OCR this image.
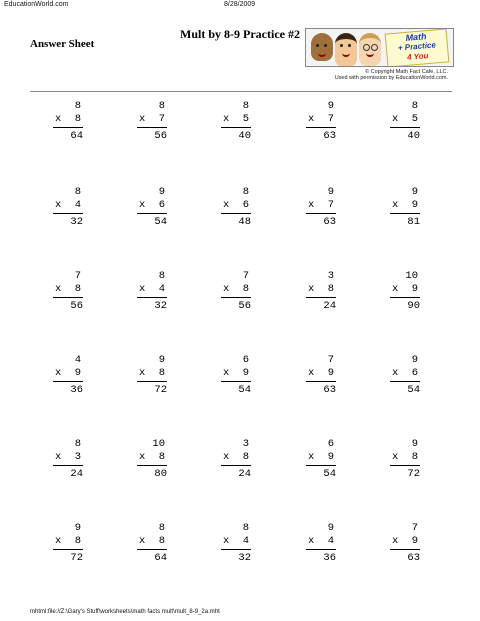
EducationWorld.com	8/28/2009
Mult by 8-9 Practice #2
Answer Sheet
Math
+ Practice
4 You
© Copyright Math Fact Cafe, LLC.
Used with permission by EducationWorld.com.
8
x 8
64
8
x 7
56
8
x 5
40
9
x 7
63
8
x 5
40
8
x 4
32
9
x 6
54
8
x 6
48
9
x 7
63
9
x 9
81
7
x 8
56
8
x 4
32
7
x 8
56
3
x 8
24
10
x 9
90
4
x 9
36
9
x 8
72
6
x 9
54
7
x 9
63
9
x 6
54
8
x 3
24
10
x 8
80
3
x 8
24
6
x 9
54
9
x 8
72
9
x 8
72
8
x 8
64
8
x 4
32
9
x 4
36
7
x 9
63
mhtml:file://Z:\Gary's Stuff\worksheets\math facts mult\mult_8-9_2a.mht
